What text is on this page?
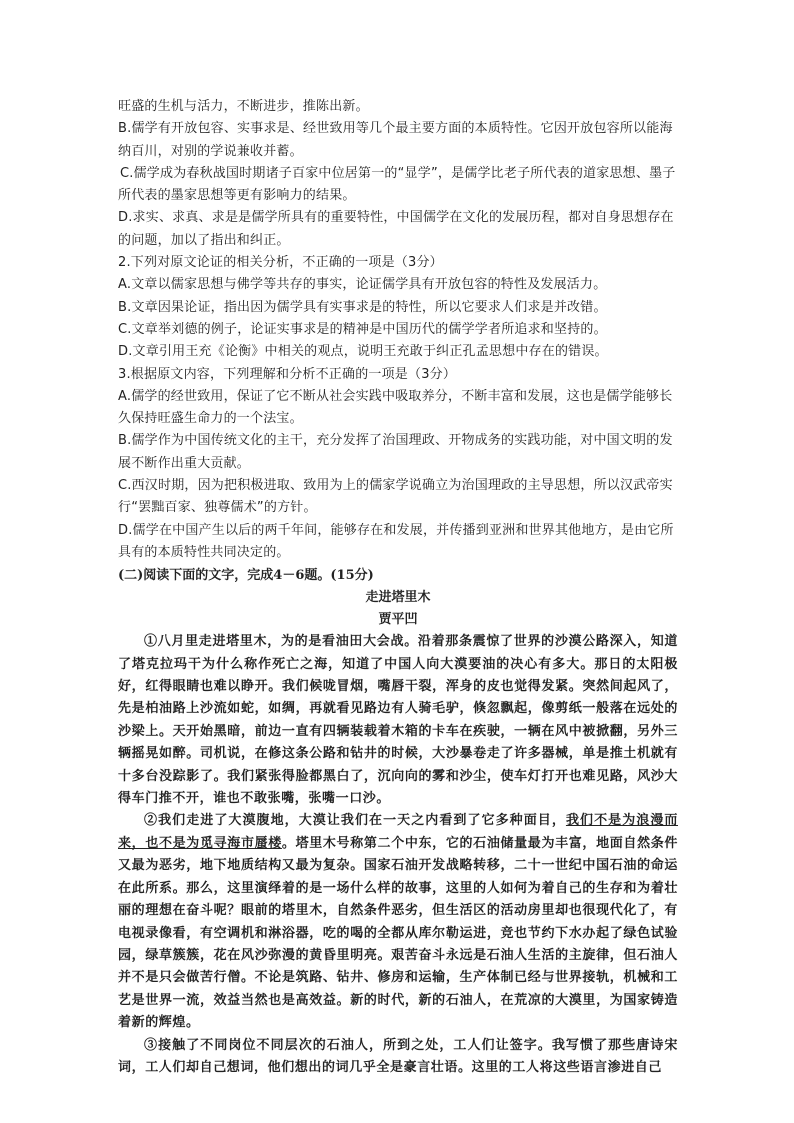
旺盛的生机与活力，不断进步，推陈出新。

B.儒学有开放包容、实事求是、经世致用等几个最主要方面的本质特性。它因开放包容所以能海纳百川，对别的学说兼收并蓄。

C.儒学成为春秋战国时期诸子百家中位居第一的“显学”，是儒学比老子所代表的道家思想、墨子所代表的墨家思想等更有影响力的结果。

D.求实、求真、求是是儒学所具有的重要特性，中国儒学在文化的发展历程，都对自身思想存在的问题，加以了指出和纠正。

2.下列对原文论证的相关分析，不正确的一项是（3分）

A.文章以儒家思想与佛学等共存的事实，论证儒学具有开放包容的特性及发展活力。

B.文章因果论证，指出因为儒学具有实事求是的特性，所以它要求人们求是并改错。

C.文章举刘德的例子，论证实事求是的精神是中国历代的儒学学者所追求和坚持的。

D.文章引用王充《论衡》中相关的观点，说明王充敢于纠正孔孟思想中存在的错误。

3.根据原文内容，下列理解和分析不正确的一项是（3分）

A.儒学的经世致用，保证了它不断从社会实践中吸取养分，不断丰富和发展，这也是儒学能够长久保持旺盛生命力的一个法宝。

B.儒学作为中国传统文化的主干，充分发挥了治国理政、开物成务的实践功能，对中国文明的发展不断作出重大贡献。

C.西汉时期，因为把积极进取、致用为上的儒家学说确立为治国理政的主导思想，所以汉武帝实行“罢黜百家、独尊儒术”的方针。

D.儒学在中国产生以后的两千年间，能够存在和发展，并传播到亚洲和世界其他地方，是由它所具有的本质特性共同决定的。

(二)阅读下面的文字，完成4－6题。(15分)

走进塔里木

贾平凹

①八月里走进塔里木，为的是看油田大会战。沿着那条震惊了世界的沙漠公路深入，知道了塔克拉玛干为什么称作死亡之海，知道了中国人向大漠要油的决心有多大。那日的太阳极好，红得眼睛也难以睁开。我们候咙冒烟，嘴唇干裂，浑身的皮也觉得发紧。突然间起风了，先是柏油路上沙流如蛇，如绸，再就看见路边有人骑毛驴，倏忽飘起，像剪纸一般落在远处的沙梁上。天开始黑暗，前边一直有四辆装载着木箱的卡车在疾驶，一辆在风中被掀翻，另外三辆摇晃如醉。司机说，在修这条公路和钻井的时候，大沙暴卷走了许多器械，单是推土机就有十多台没踪影了。我们紧张得脸都黑白了，沉向向的雾和沙尘，使车灯打开也难见路，风沙大得车门推不开，谁也不敢张嘴，张嘴一口沙。

②我们走进了大漠腹地，大漠让我们在一天之内看到了它多种面目，我们不是为浪漫而来，也不是为觅寻海市蜃楼。塔里木号称第二个中东，它的石油储量最为丰富，地面自然条件又最为恶劣，地下地质结构又最为复杂。国家石油开发战略转移，二十一世纪中国石油的命运在此所系。那么，这里演绎着的是一场什么样的故事，这里的人如何为着自己的生存和为着壮丽的理想在奋斗呢？眼前的塔里木，自然条件恶劣，但生活区的活动房里却也很现代化了，有电视录像看，有空调机和淋浴器，吃的喝的全都从库尔勒运进，竞也节约下水办起了绿色试验园，绿草簇簇，花在风沙弥漫的黄昏里明亮。艰苦奋斗永远是石油人生活的主旋律，但石油人并不是只会做苦行僧。不论是筑路、钻井、修房和运输，生产体制已经与世界接轨，机械和工艺是世界一流，效益当然也是高效益。新的时代，新的石油人，在荒凉的大漠里，为国家铸造着新的辉煌。

③接触了不同岗位不同层次的石油人，所到之处，工人们让签字。我写惯了那些唐诗宋词，工人们却自己想词，他们想出的词几乎全是豪言壮语。这里的工人将这些语言渗进自己
